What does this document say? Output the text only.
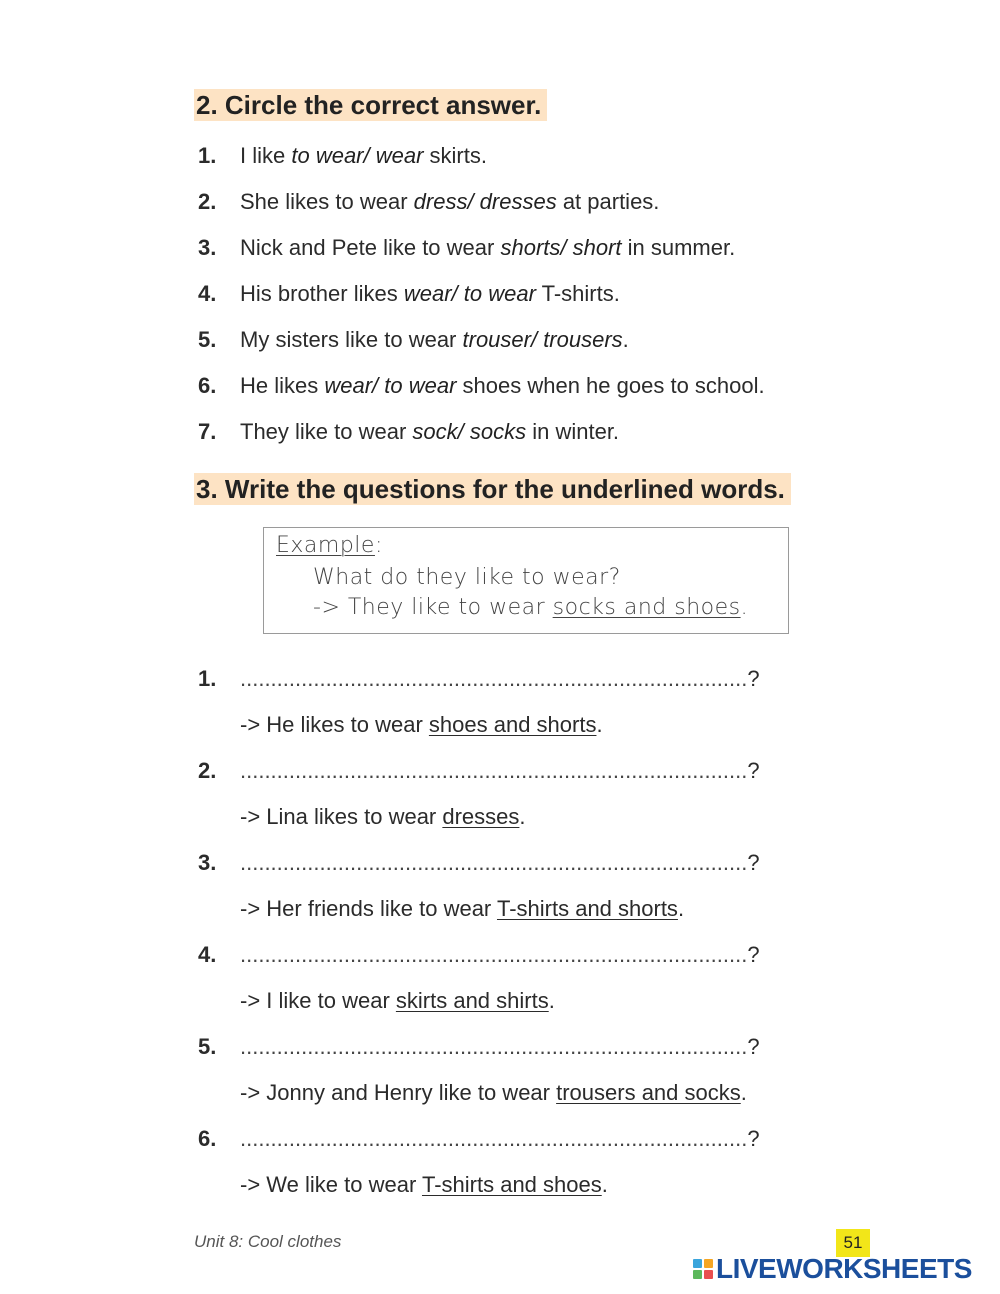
2. Circle the correct answer.
1. I like to wear/ wear skirts.
2. She likes to wear dress/ dresses at parties.
3. Nick and Pete like to wear shorts/ short in summer.
4. His brother likes wear/ to wear T-shirts.
5. My sisters like to wear trouser/ trousers.
6. He likes wear/ to wear shoes when he goes to school.
7. They like to wear sock/ socks in winter.
3. Write the questions for the underlined words.
Example:
What do they like to wear?
-> They like to wear socks and shoes.
1. ...................................................................................?
-> He likes to wear shoes and shorts.
2. ...................................................................................?
-> Lina likes to wear dresses.
3. ...................................................................................?
-> Her friends like to wear T-shirts and shorts.
4. ...................................................................................?
-> I like to wear skirts and shirts.
5. ...................................................................................?
-> Jonny and Henry like to wear trousers and socks.
6. ...................................................................................?
-> We like to wear T-shirts and shoes.
Unit 8: Cool clothes	51
LIVEWORKSHEETS
